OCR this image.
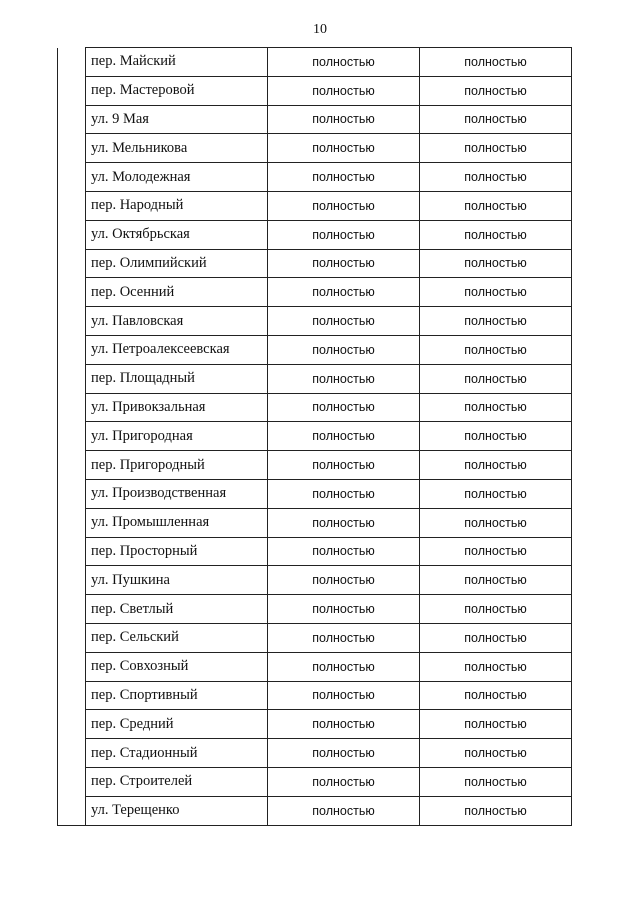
10
	пер. Майский	полностью	полностью
	пер. Мастеровой	полностью	полностью
	ул. 9 Мая	полностью	полностью
	ул. Мельникова	полностью	полностью
	ул. Молодежная	полностью	полностью
	пер. Народный	полностью	полностью
	ул. Октябрьская	полностью	полностью
	пер. Олимпийский	полностью	полностью
	пер. Осенний	полностью	полностью
	ул. Павловская	полностью	полностью
	ул. Петроалексеевская	полностью	полностью
	пер. Площадный	полностью	полностью
	ул. Привокзальная	полностью	полностью
	ул. Пригородная	полностью	полностью
	пер. Пригородный	полностью	полностью
	ул. Производственная	полностью	полностью
	ул. Промышленная	полностью	полностью
	пер. Просторный	полностью	полностью
	ул. Пушкина	полностью	полностью
	пер. Светлый	полностью	полностью
	пер. Сельский	полностью	полностью
	пер. Совхозный	полностью	полностью
	пер. Спортивный	полностью	полностью
	пер. Средний	полностью	полностью
	пер. Стадионный	полностью	полностью
	пер. Строителей	полностью	полностью
	ул. Терещенко	полностью	полностью
